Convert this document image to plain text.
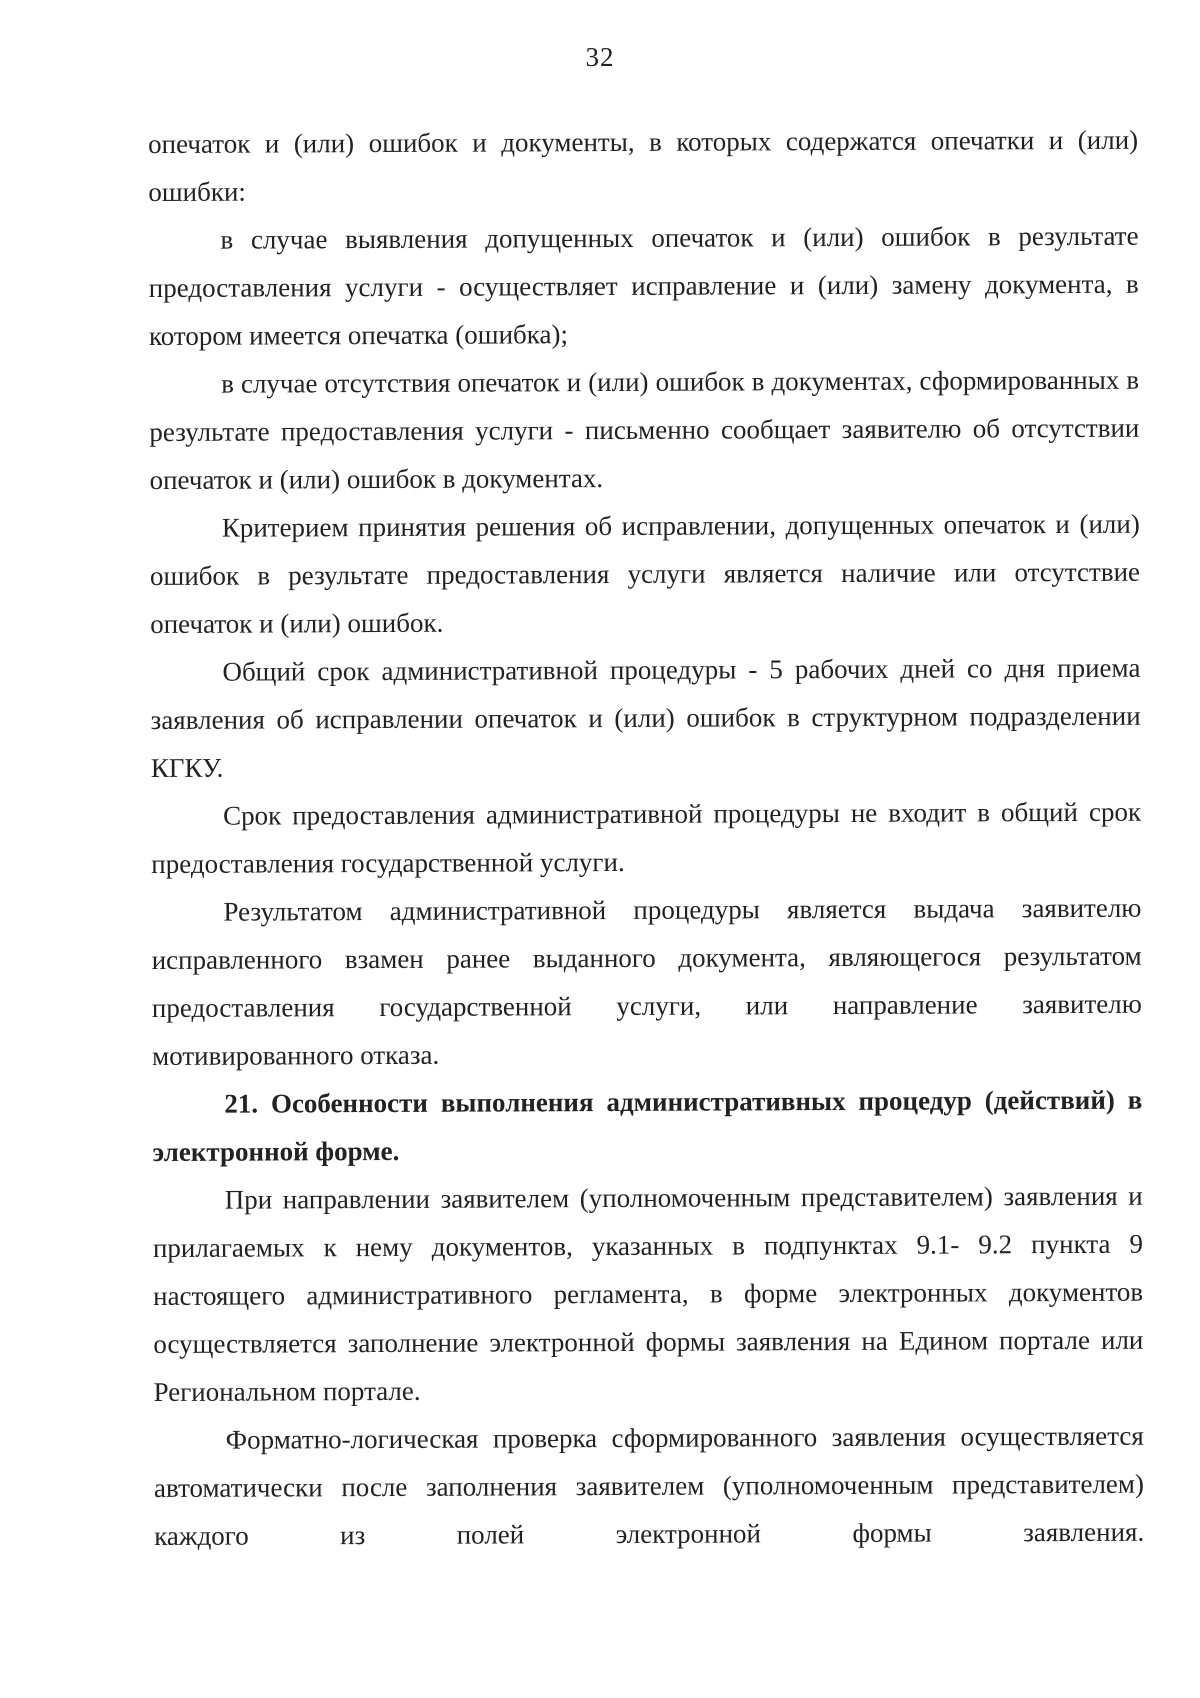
32

опечаток и (или) ошибок и документы, в которых содержатся опечатки и (или) ошибки:

в случае выявления допущенных опечаток и (или) ошибок в результате предоставления услуги - осуществляет исправление и (или) замену документа, в котором имеется опечатка (ошибка);

в случае отсутствия опечаток и (или) ошибок в документах, сформированных в результате предоставления услуги - письменно сообщает заявителю об отсутствии опечаток и (или) ошибок в документах.

Критерием принятия решения об исправлении, допущенных опечаток и (или) ошибок в результате предоставления услуги является наличие или отсутствие опечаток и (или) ошибок.

Общий срок административной процедуры - 5 рабочих дней со дня приема заявления об исправлении опечаток и (или) ошибок в структурном подразделении КГКУ.

Срок предоставления административной процедуры не входит в общий срок предоставления государственной услуги.

Результатом административной процедуры является выдача заявителю исправленного взамен ранее выданного документа, являющегося результатом предоставления государственной услуги, или направление заявителю мотивированного отказа.

21. Особенности выполнения административных процедур (действий) в электронной форме.

При направлении заявителем (уполномоченным представителем) заявления и прилагаемых к нему документов, указанных в подпунктах 9.1- 9.2 пункта 9 настоящего административного регламента, в форме электронных документов осуществляется заполнение электронной формы заявления на Едином портале или Региональном портале.

Форматно-логическая проверка сформированного заявления осуществляется автоматически после заполнения заявителем (уполномоченным представителем) каждого из полей электронной формы заявления.
